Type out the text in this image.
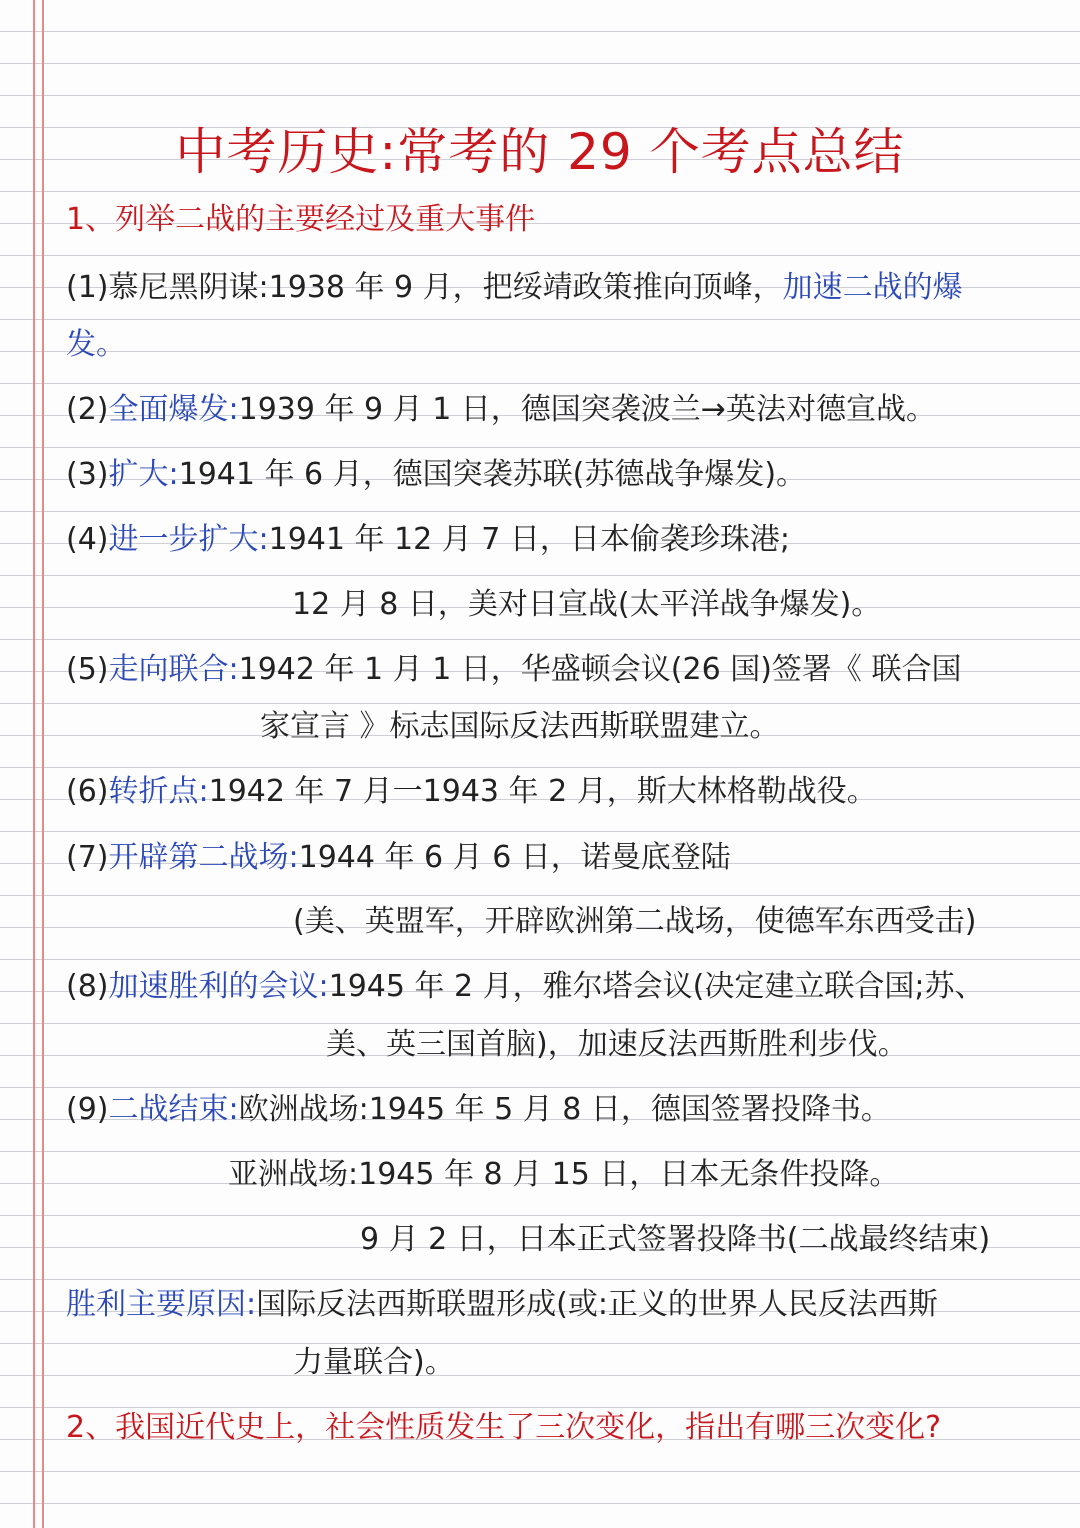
中考历史:常考的 29 个考点总结
1、列举二战的主要经过及重大事件
(1)慕尼黑阴谋:1938 年 9 月，把绥靖政策推向顶峰，加速二战的爆
发。
(2)全面爆发:1939 年 9 月 1 日，德国突袭波兰→英法对德宣战。
(3)扩大:1941 年 6 月，德国突袭苏联(苏德战争爆发)。
(4)进一步扩大:1941 年 12 月 7 日，日本偷袭珍珠港;
12 月 8 日，美对日宣战(太平洋战争爆发)。
(5)走向联合:1942 年 1 月 1 日，华盛顿会议(26 国)签署《 联合国
家宣言 》标志国际反法西斯联盟建立。
(6)转折点:1942 年 7 月一1943 年 2 月，斯大林格勒战役。
(7)开辟第二战场:1944 年 6 月 6 日，诺曼底登陆
(美、英盟军，开辟欧洲第二战场，使德军东西受击)
(8)加速胜利的会议:1945 年 2 月，雅尔塔会议(决定建立联合国;苏、
美、英三国首脑)，加速反法西斯胜利步伐。
(9)二战结束:欧洲战场:1945 年 5 月 8 日，德国签署投降书。
亚洲战场:1945 年 8 月 15 日，日本无条件投降。
9 月 2 日，日本正式签署投降书(二战最终结束)
胜利主要原因:国际反法西斯联盟形成(或:正义的世界人民反法西斯
力量联合)。
2、我国近代史上，社会性质发生了三次变化，指出有哪三次变化?
